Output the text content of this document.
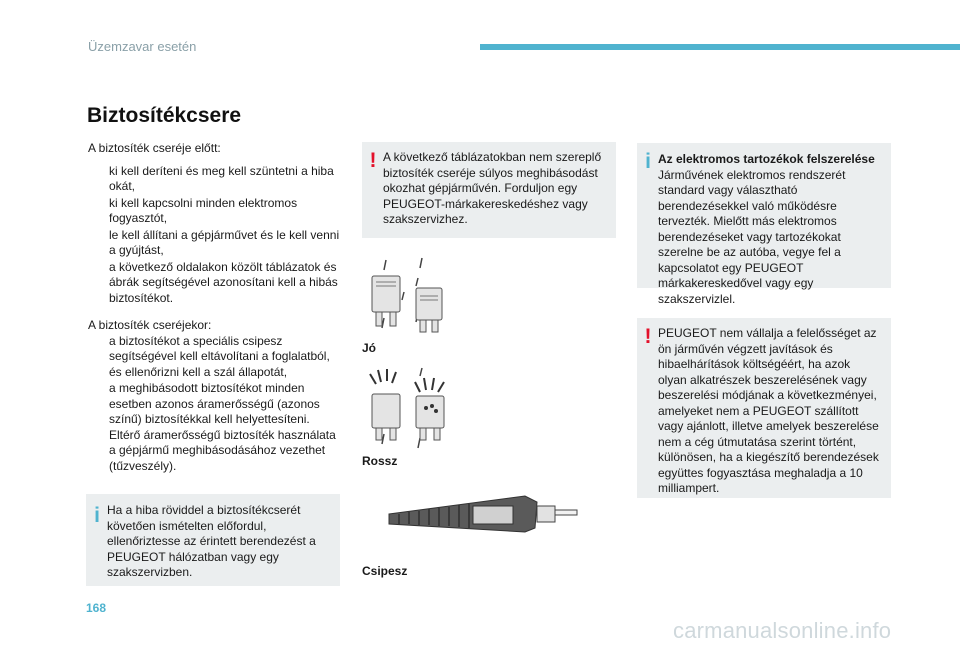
Üzemzavar esetén
Biztosítékcsere

A biztosíték cseréje előtt:

ki kell deríteni és meg kell szüntetni a hiba okát,
ki kell kapcsolni minden elektromos fogyasztót,
le kell állítani a gépjárművet és le kell venni a gyújtást,
a következő oldalakon közölt táblázatok és ábrák segítségével azonosítani kell a hibás biztosítékot.

A biztosíték cseréjekor:

a biztosítékot a speciális csipesz segítségével kell eltávolítani a foglalatból, és ellenőrizni kell a szál állapotát,
a meghibásodott biztosítékot minden esetben azonos áramerősségű (azonos színű) biztosítékkal kell helyettesíteni. Eltérő áramerősségű biztosíték használata a gépjármű meghibásodásához vezethet (tűzveszély).
i Ha a hiba röviddel a biztosítékcserét követően ismételten előfordul, ellenőriztesse az érintett berendezést a PEUGEOT hálózatban vagy egy szakszervizben.

! A következő táblázatokban nem szereplő biztosíték cseréje súlyos meghibásodást okozhat gépjárművén. Forduljon egy PEUGEOT-márkakereskedéshez vagy szakszervizhez.

Jó
Rossz
Csipesz
i Az elektromos tartozékok felszerelése

Járművének elektromos rendszerét standard vagy választható berendezésekkel való működésre tervezték. Mielőtt más elektromos berendezéseket vagy tartozékokat szerelne be az autóba, vegye fel a kapcsolatot egy PEUGEOT márkakereskedővel vagy egy szakszervizlel.

! PEUGEOT nem vállalja a felelősséget az ön járművén végzett javítások és hibaelhárítások költségéért, ha azok olyan alkatrészek beszerelésének vagy beszerelési módjának a következményei, amelyeket nem a PEUGEOT szállított vagy ajánlott, illetve amelyek beszerelése nem a cég útmutatása szerint történt, különösen, ha a kiegészítő berendezések együttes fogyasztása meghaladja a 10 milliampert.

168
carmanualsonline.info
